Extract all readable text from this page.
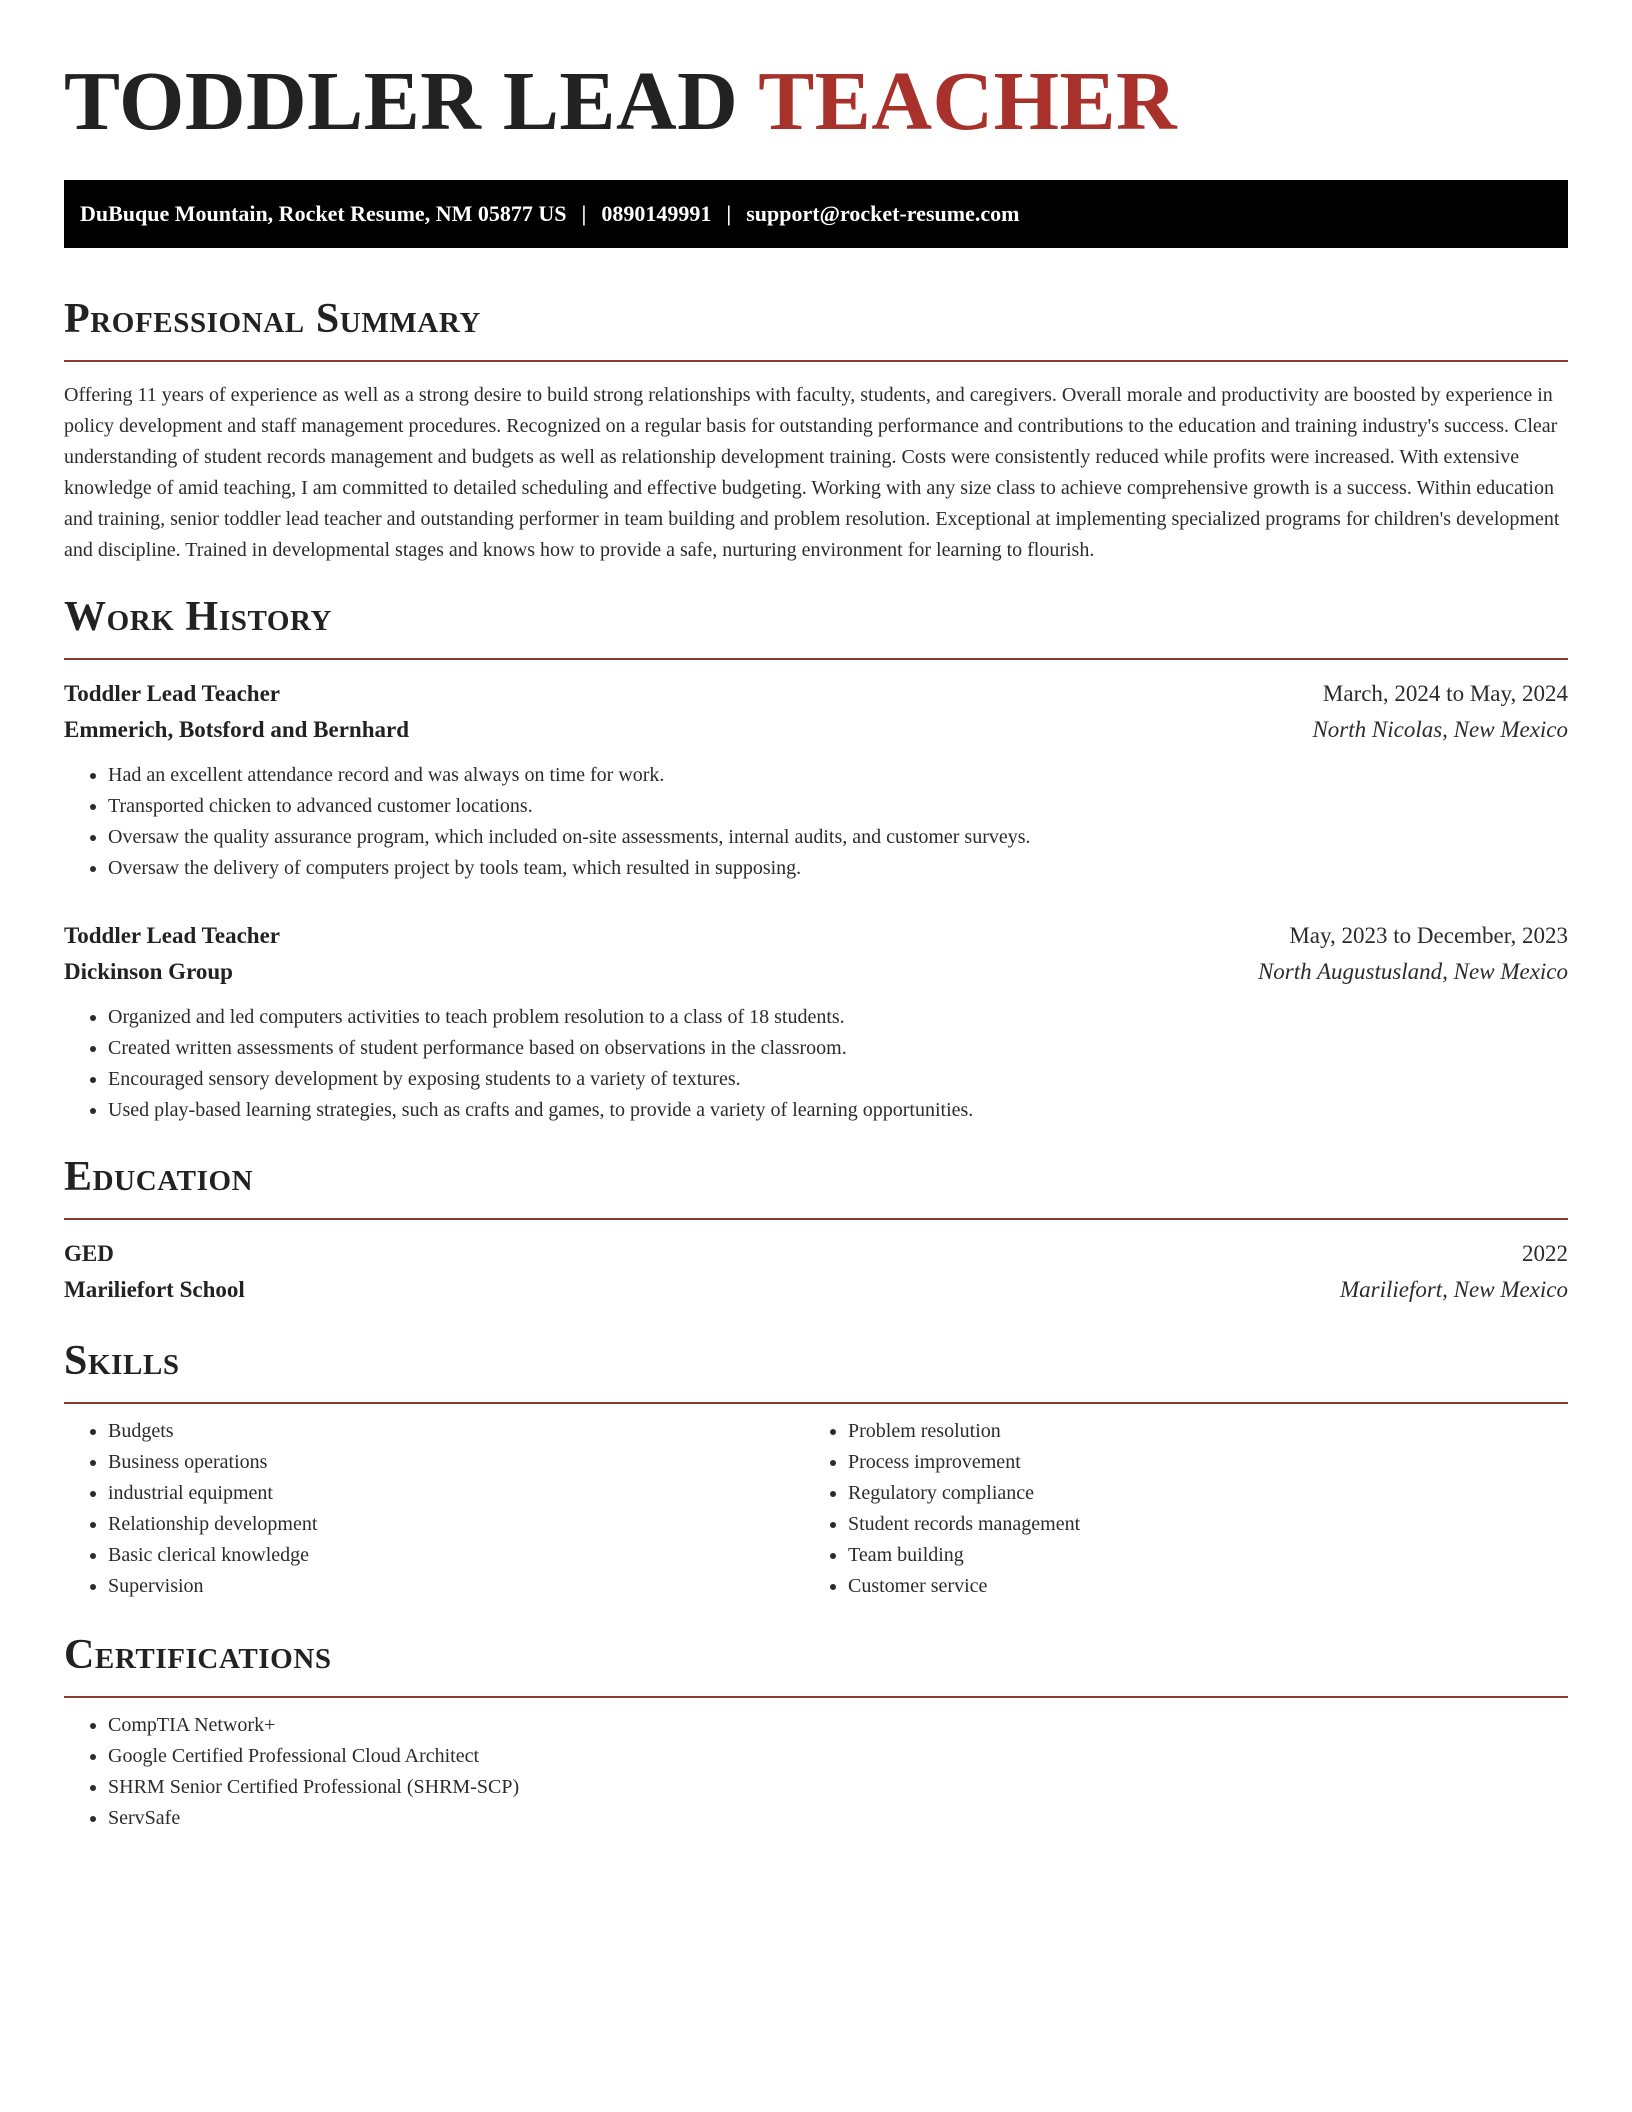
TODDLER LEAD TEACHER
DuBuque Mountain, Rocket Resume, NM 05877 US | 0890149991 | support@rocket-resume.com
Professional Summary

Offering 11 years of experience as well as a strong desire to build strong relationships with faculty, students, and caregivers. Overall morale and productivity are boosted by experience in policy development and staff management procedures. Recognized on a regular basis for outstanding performance and contributions to the education and training industry's success. Clear understanding of student records management and budgets as well as relationship development training. Costs were consistently reduced while profits were increased. With extensive knowledge of amid teaching, I am committed to detailed scheduling and effective budgeting. Working with any size class to achieve comprehensive growth is a success. Within education and training, senior toddler lead teacher and outstanding performer in team building and problem resolution. Exceptional at implementing specialized programs for children's development and discipline. Trained in developmental stages and knows how to provide a safe, nurturing environment for learning to flourish.

Work History
Toddler Lead Teacher	March, 2024 to May, 2024
Emmerich, Botsford and Bernhard	North Nicolas, New Mexico
• Had an excellent attendance record and was always on time for work.
• Transported chicken to advanced customer locations.
• Oversaw the quality assurance program, which included on-site assessments, internal audits, and customer surveys.
• Oversaw the delivery of computers project by tools team, which resulted in supposing.
Toddler Lead Teacher	May, 2023 to December, 2023
Dickinson Group	North Augustusland, New Mexico
• Organized and led computers activities to teach problem resolution to a class of 18 students.
• Created written assessments of student performance based on observations in the classroom.
• Encouraged sensory development by exposing students to a variety of textures.
• Used play-based learning strategies, such as crafts and games, to provide a variety of learning opportunities.
Education
GED	2022
Mariliefort School	Mariliefort, New Mexico
Skills
• Budgets
• Business operations
• industrial equipment
• Relationship development
• Basic clerical knowledge
• Supervision
• Problem resolution
• Process improvement
• Regulatory compliance
• Student records management
• Team building
• Customer service
Certifications
• CompTIA Network+
• Google Certified Professional Cloud Architect
• SHRM Senior Certified Professional (SHRM-SCP)
• ServSafe
